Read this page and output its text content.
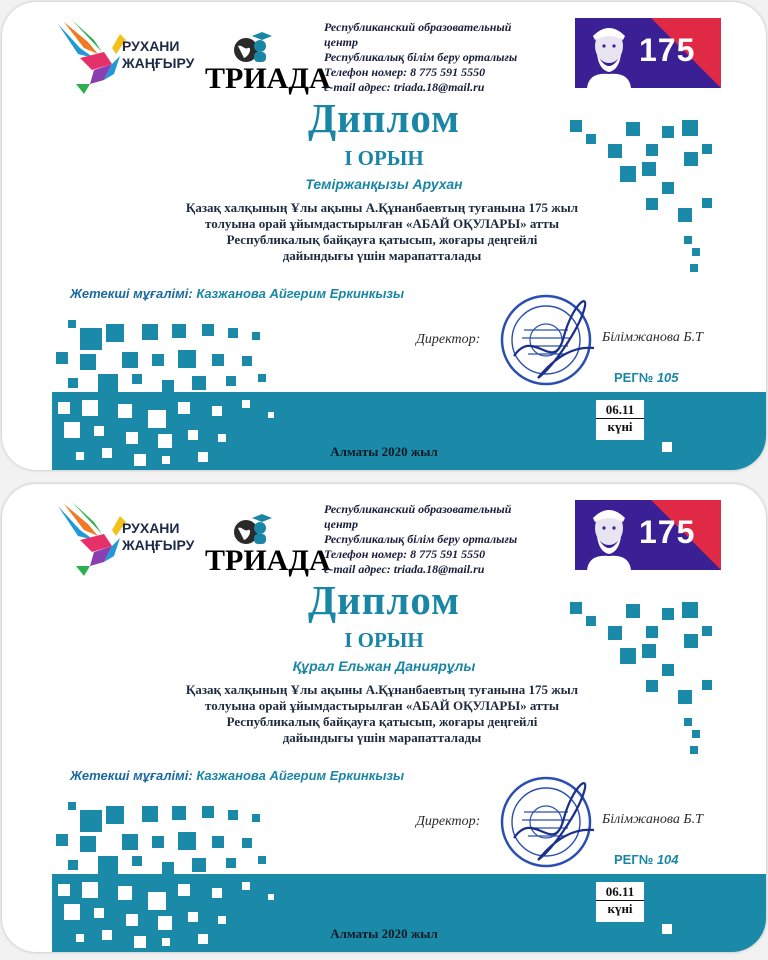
РУХАНИ
ЖАҢҒЫРУ ТРИАДА
Республиканский образовательный
центр
Республикалық білім беру орталығы
Телефон номер: 8 775 591 5550
e-mail адрес: triada.18@mail.ru
175
Диплом
І ОРЫН
Теміржанқызы Арухан
Қазақ халқының Ұлы ақыны А.Құнанбаевтың туғанына 175 жыл
толуына орай ұйымдастырылған «АБАЙ ОҚУЛАРЫ» атты
Республикалық байқауға қатысып, жоғары деңгейлі
дайындығы үшін марапатталады
Жетекші мұғалімі: Казжанова Айгерим Еркинкызы
Директор:	Білімжанова Б.Т
РЕГ№ 105
06.11
күні
Алматы 2020 жыл
РУХАНИ
ЖАҢҒЫРУ ТРИАДА
Республиканский образовательный
центр
Республикалық білім беру орталығы
Телефон номер: 8 775 591 5550
e-mail адрес: triada.18@mail.ru
175
Диплом
І ОРЫН
Құрал Ельжан Даниярұлы
Қазақ халқының Ұлы ақыны А.Құнанбаевтың туғанына 175 жыл
толуына орай ұйымдастырылған «АБАЙ ОҚУЛАРЫ» атты
Республикалық байқауға қатысып, жоғары деңгейлі
дайындығы үшін марапатталады
Жетекші мұғалімі: Казжанова Айгерим Еркинкызы
Директор:	Білімжанова Б.Т
РЕГ№ 104
06.11
күні
Алматы 2020 жыл
